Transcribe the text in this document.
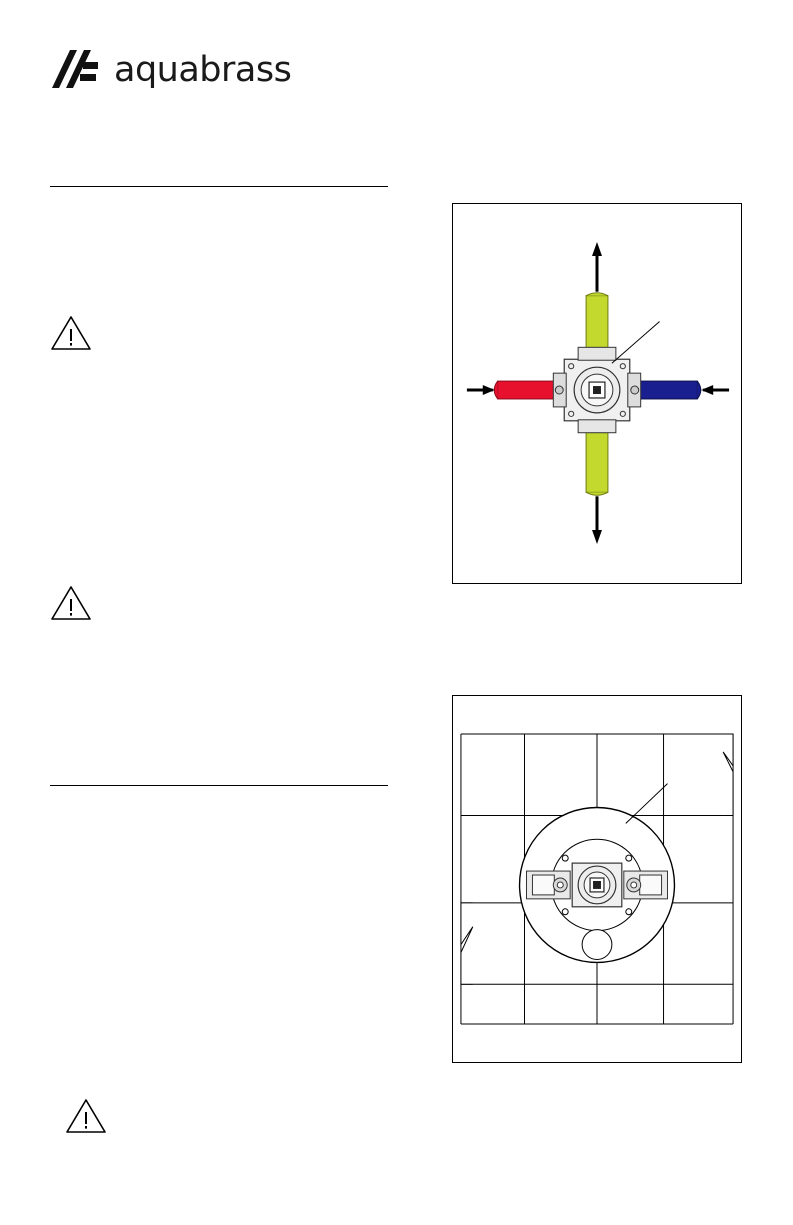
aquabrass
